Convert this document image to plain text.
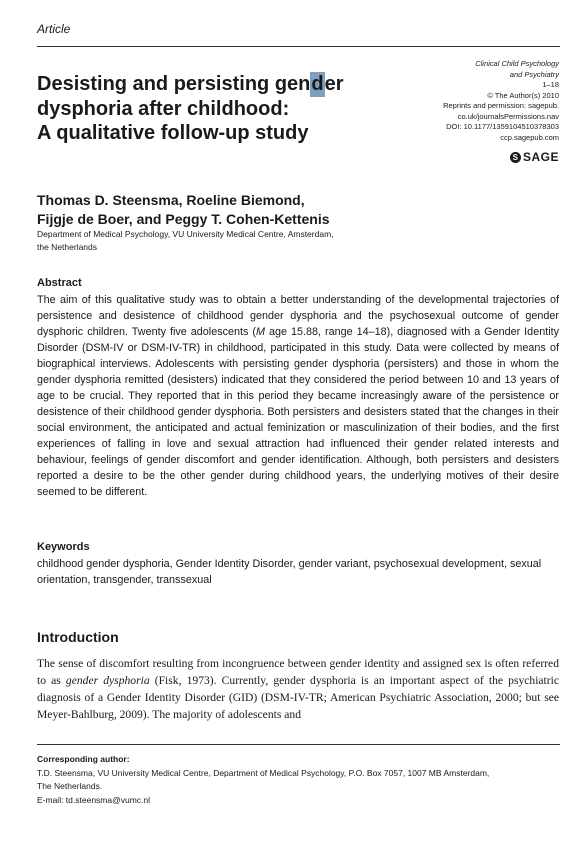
Article
Desisting and persisting gender
dysphoria after childhood:
A qualitative follow-up study
Clinical Child Psychology
and Psychiatry
1–18
© The Author(s) 2010
Reprints and permission: sagepub.
co.uk/journalsPermissions.nav
DOI: 10.1177/1359104510378303
ccp.sagepub.com
S SAGE
Thomas D. Steensma, Roeline Biemond,
Fijgje de Boer, and Peggy T. Cohen-Kettenis
Department of Medical Psychology, VU University Medical Centre, Amsterdam,
the Netherlands
Abstract
The aim of this qualitative study was to obtain a better understanding of the developmental trajectories of persistence and desistence of childhood gender dysphoria and the psychosexual outcome of gender dysphoric children. Twenty five adolescents (M age 15.88, range 14–18), diagnosed with a Gender Identity Disorder (DSM-IV or DSM-IV-TR) in childhood, participated in this study. Data were collected by means of biographical interviews. Adolescents with persisting gender dysphoria (persisters) and those in whom the gender dysphoria remitted (desisters) indicated that they considered the period between 10 and 13 years of age to be crucial. They reported that in this period they became increasingly aware of the persistence or desistence of their childhood gender dysphoria. Both persisters and desisters stated that the changes in their social environment, the anticipated and actual feminization or masculinization of their bodies, and the first experiences of falling in love and sexual attraction had influenced their gender related interests and behaviour, feelings of gender discomfort and gender identification. Although, both persisters and desisters reported a desire to be the other gender during childhood years, the underlying motives of their desire seemed to be different.
Keywords
childhood gender dysphoria, Gender Identity Disorder, gender variant, psychosexual development, sexual orientation, transgender, transsexual
Introduction
The sense of discomfort resulting from incongruence between gender identity and assigned sex is often referred to as gender dysphoria (Fisk, 1973). Currently, gender dysphoria is an important aspect of the psychiatric diagnosis of a Gender Identity Disorder (GID) (DSM-IV-TR; American Psychiatric Association, 2000; but see Meyer-Bahlburg, 2009). The majority of adolescents and
Corresponding author:
T.D. Steensma, VU University Medical Centre, Department of Medical Psychology, P.O. Box 7057, 1007 MB Amsterdam,
The Netherlands.
E-mail: td.steensma@vumc.nl
